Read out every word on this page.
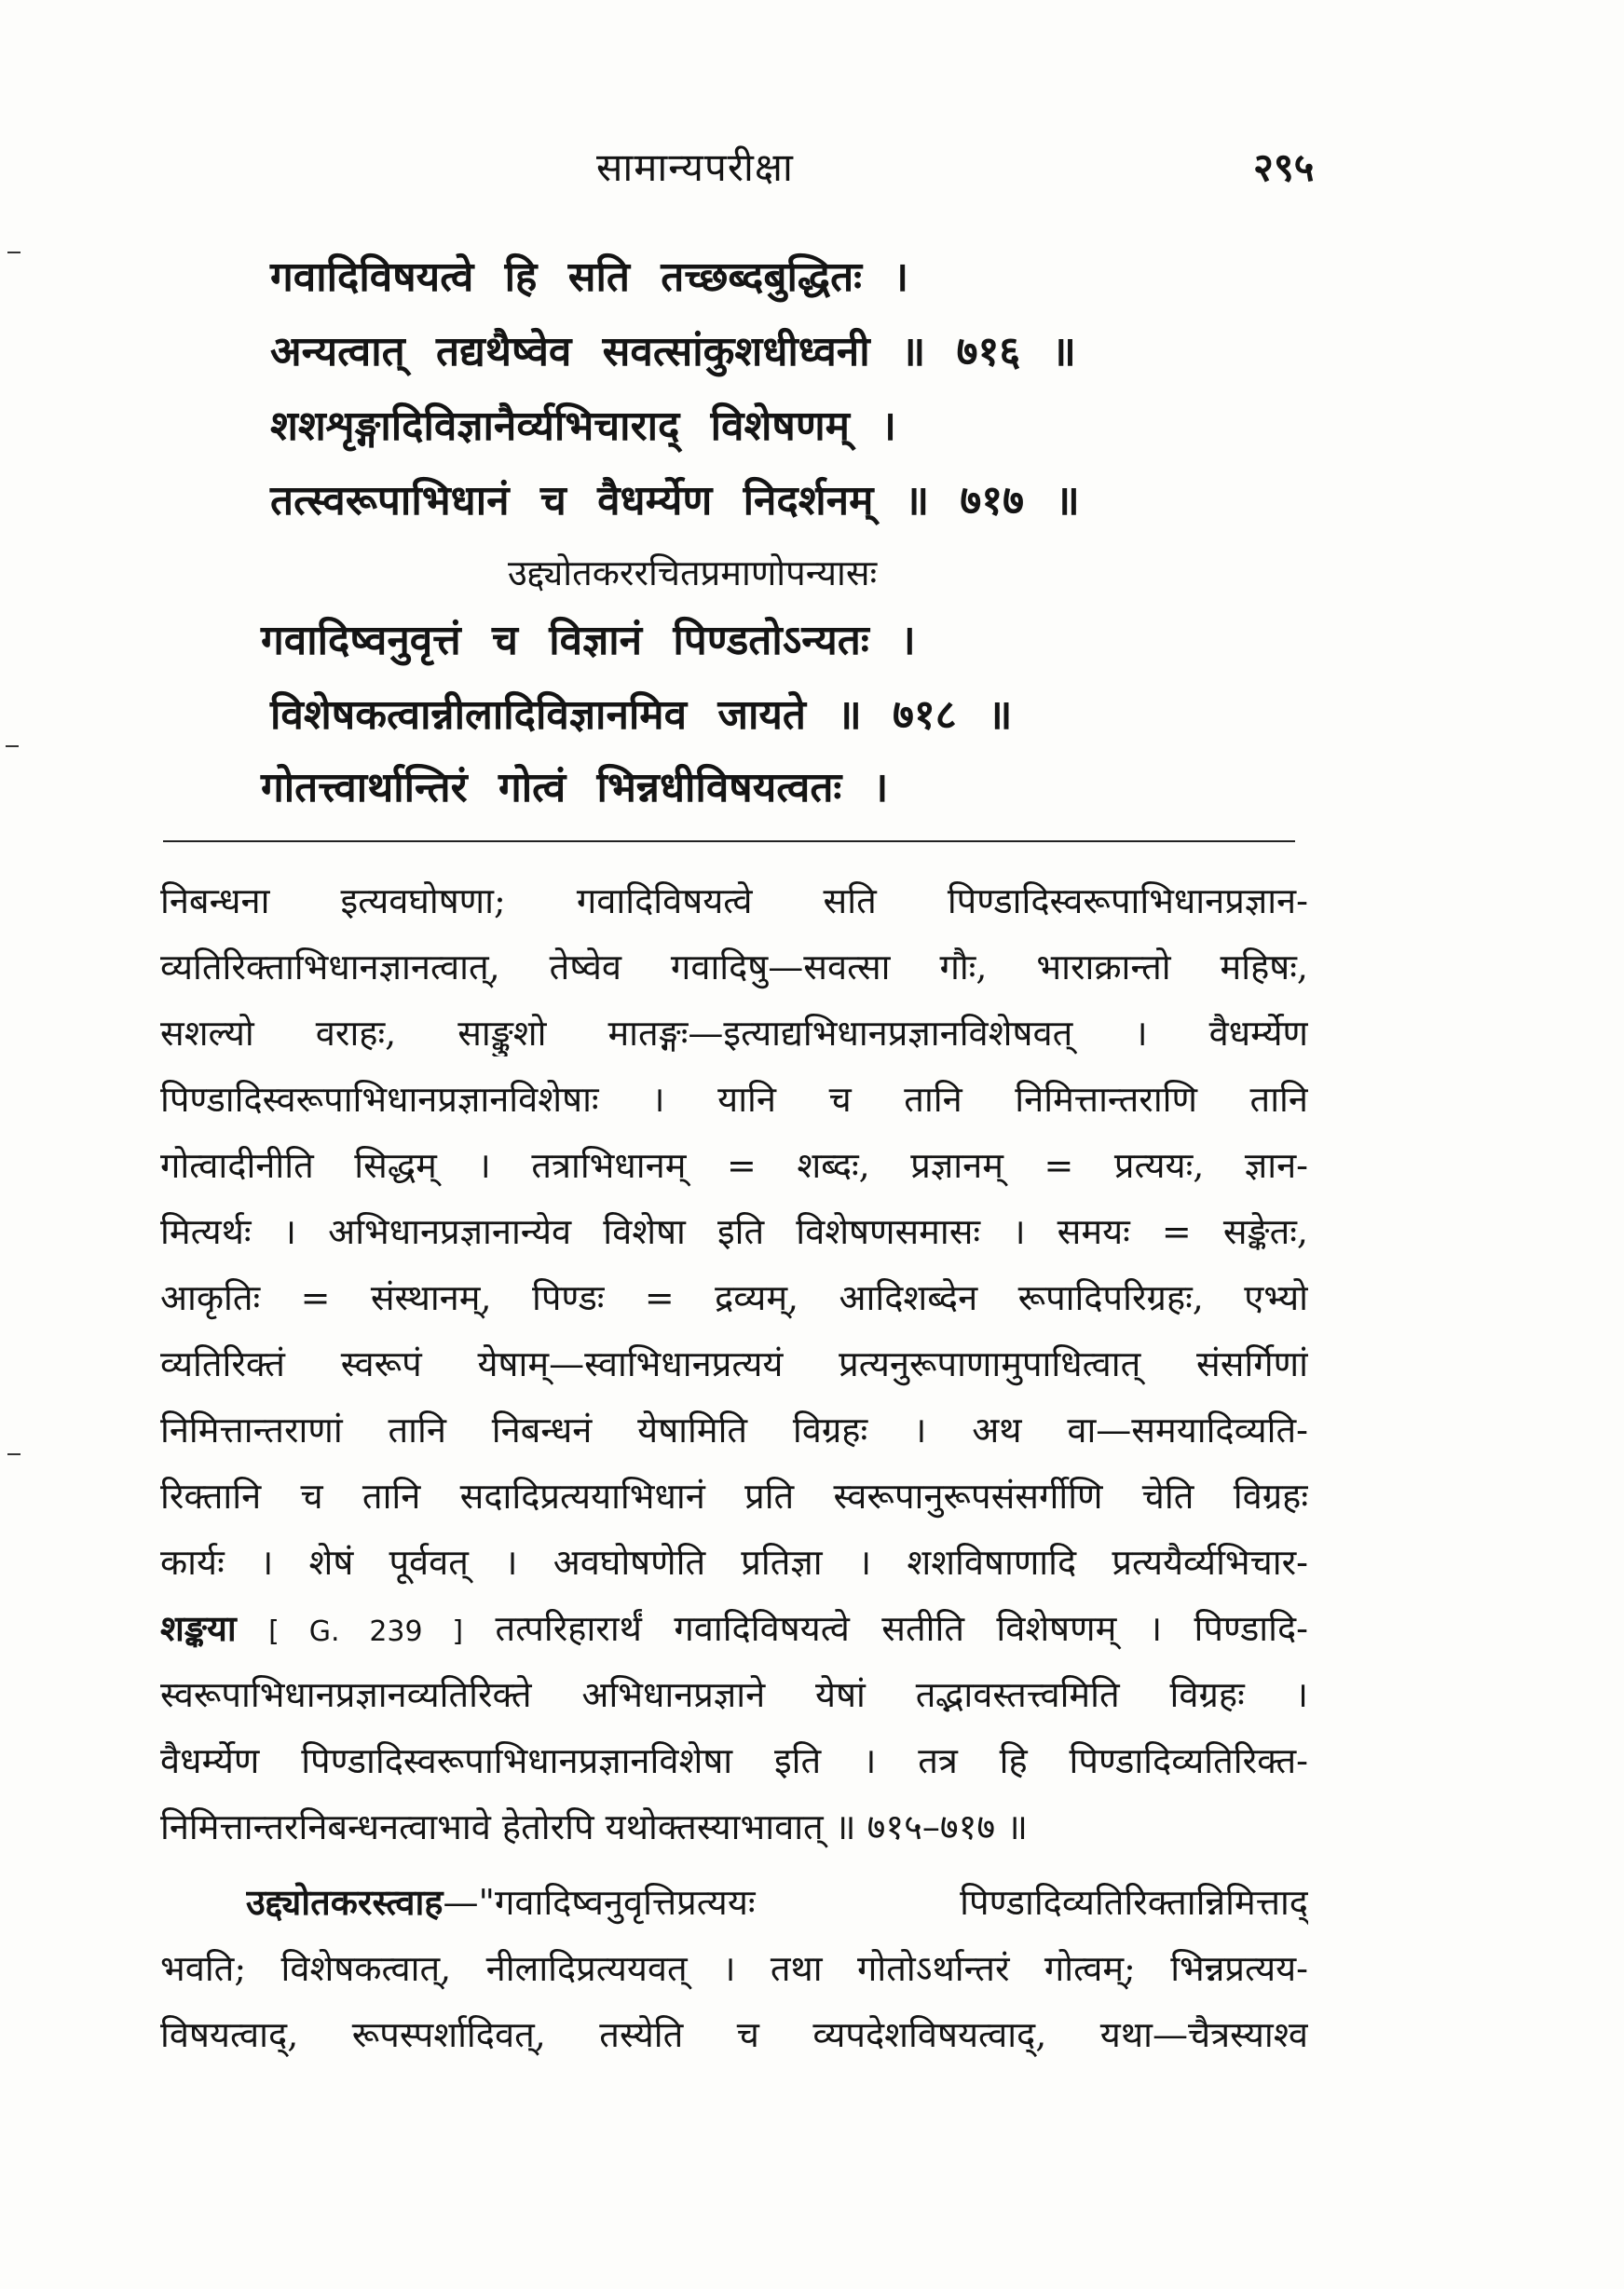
सामान्यपरीक्षा	२९५
गवादिविषयत्वे हि सति तच्छब्दबुद्धितः ।
अन्यत्वात् तद्यथैष्वेव सवत्सांकुशधीध्वनी ॥ ७१६ ॥
शशशृङ्गादिविज्ञानैर्व्यभिचाराद् विशेषणम् ।
तत्स्वरूपाभिधानं च वैधर्म्येण निदर्शनम् ॥ ७१७ ॥
उद्द्योतकररचितप्रमाणोपन्यासः
गवादिष्वनुवृत्तं च विज्ञानं पिण्डतोऽन्यतः ।
विशेषकत्वान्नीलादिविज्ञानमिव जायते ॥ ७१८ ॥
गोतत्त्वार्थान्तिरं गोत्वं भिन्नधीविषयत्वतः ।
निबन्धना इत्यवघोषणा; गवादिविषयत्वे सति पिण्डादिस्वरूपाभिधानप्रज्ञान-
व्यतिरिक्ताभिधानज्ञानत्वात्, तेष्वेव गवादिषु—सवत्सा गौः, भाराक्रान्तो महिषः,
सशल्यो वराहः, साङ्कुशो मातङ्गः—इत्याद्यभिधानप्रज्ञानविशेषवत् । वैधर्म्येण
पिण्डादिस्वरूपाभिधानप्रज्ञानविशेषाः । यानि च तानि निमित्तान्तराणि तानि
गोत्वादीनीति सिद्धम् । तत्राभिधानम् = शब्दः, प्रज्ञानम् = प्रत्ययः, ज्ञान-
मित्यर्थः । अभिधानप्रज्ञानान्येव विशेषा इति विशेषणसमासः । समयः = सङ्केतः,
आकृतिः = संस्थानम्, पिण्डः = द्रव्यम्, आदिशब्देन रूपादिपरिग्रहः, एभ्यो
व्यतिरिक्तं स्वरूपं येषाम्—स्वाभिधानप्रत्ययं प्रत्यनुरूपाणामुपाधित्वात् संसर्गिणां
निमित्तान्तराणां तानि निबन्धनं येषामिति विग्रहः । अथ वा—समयादिव्यति-
रिक्तानि च तानि सदादिप्रत्ययाभिधानं प्रति स्वरूपानुरूपसंसर्गीणि चेति विग्रहः
कार्यः । शेषं पूर्ववत् । अवघोषणेति प्रतिज्ञा । शशविषाणादि प्रत्ययैर्व्यभिचार-
शङ्कया [ G. 239 ] तत्परिहारार्थं गवादिविषयत्वे सतीति विशेषणम् । पिण्डादि-
स्वरूपाभिधानप्रज्ञानव्यतिरिक्ते अभिधानप्रज्ञाने येषां तद्भावस्तत्त्वमिति विग्रहः ।
वैधर्म्येण पिण्डादिस्वरूपाभिधानप्रज्ञानविशेषा इति । तत्र हि पिण्डादिव्यतिरिक्त-
निमित्तान्तरनिबन्धनत्वाभावे हेतोरपि यथोक्तस्याभावात् ॥ ७१५–७१७ ॥
उद्द्योतकरस्त्वाह—"गवादिष्वनुवृत्तिप्रत्ययः पिण्डादिव्यतिरिक्तान्निमित्ताद्
भवति; विशेषकत्वात्, नीलादिप्रत्ययवत् । तथा गोतोऽर्थान्तरं गोत्वम्; भिन्नप्रत्यय-
विषयत्वाद्, रूपस्पर्शादिवत्, तस्येति च व्यपदेशविषयत्वाद्, यथा—चैत्रस्याश्व
